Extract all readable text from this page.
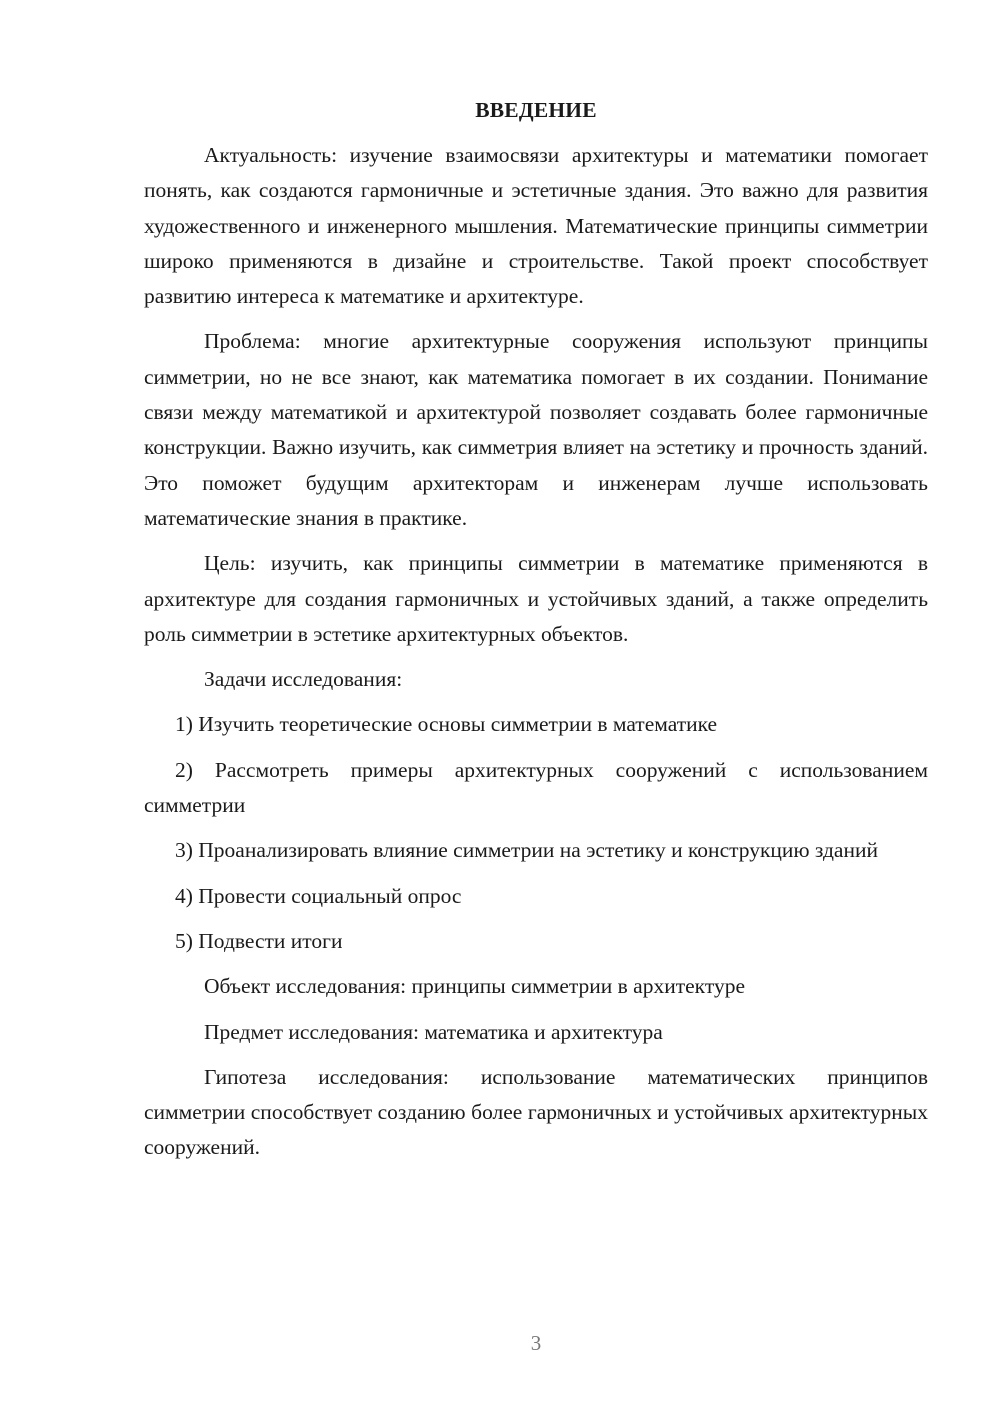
ВВЕДЕНИЕ

Актуальность: изучение взаимосвязи архитектуры и математики помогает понять, как создаются гармоничные и эстетичные здания. Это важно для развития художественного и инженерного мышления. Математические принципы симметрии широко применяются в дизайне и строительстве. Такой проект способствует развитию интереса к математике и архитектуре.

Проблема: многие архитектурные сооружения используют принципы симметрии, но не все знают, как математика помогает в их создании. Понимание связи между математикой и архитектурой позволяет создавать более гармоничные конструкции. Важно изучить, как симметрия влияет на эстетику и прочность зданий. Это поможет будущим архитекторам и инженерам лучше использовать математические знания в практике.

Цель: изучить, как принципы симметрии в математике применяются в архитектуре для создания гармоничных и устойчивых зданий, а также определить роль симметрии в эстетике архитектурных объектов.

Задачи исследования:

1) Изучить теоретические основы симметрии в математике

2) Рассмотреть примеры архитектурных сооружений с использованием симметрии

3) Проанализировать влияние симметрии на эстетику и конструкцию зданий

4) Провести социальный опрос

5) Подвести итоги

Объект исследования: принципы симметрии в архитектуре

Предмет исследования: математика и архитектура

Гипотеза исследования: использование математических принципов симметрии способствует созданию более гармоничных и устойчивых архитектурных сооружений.

3
